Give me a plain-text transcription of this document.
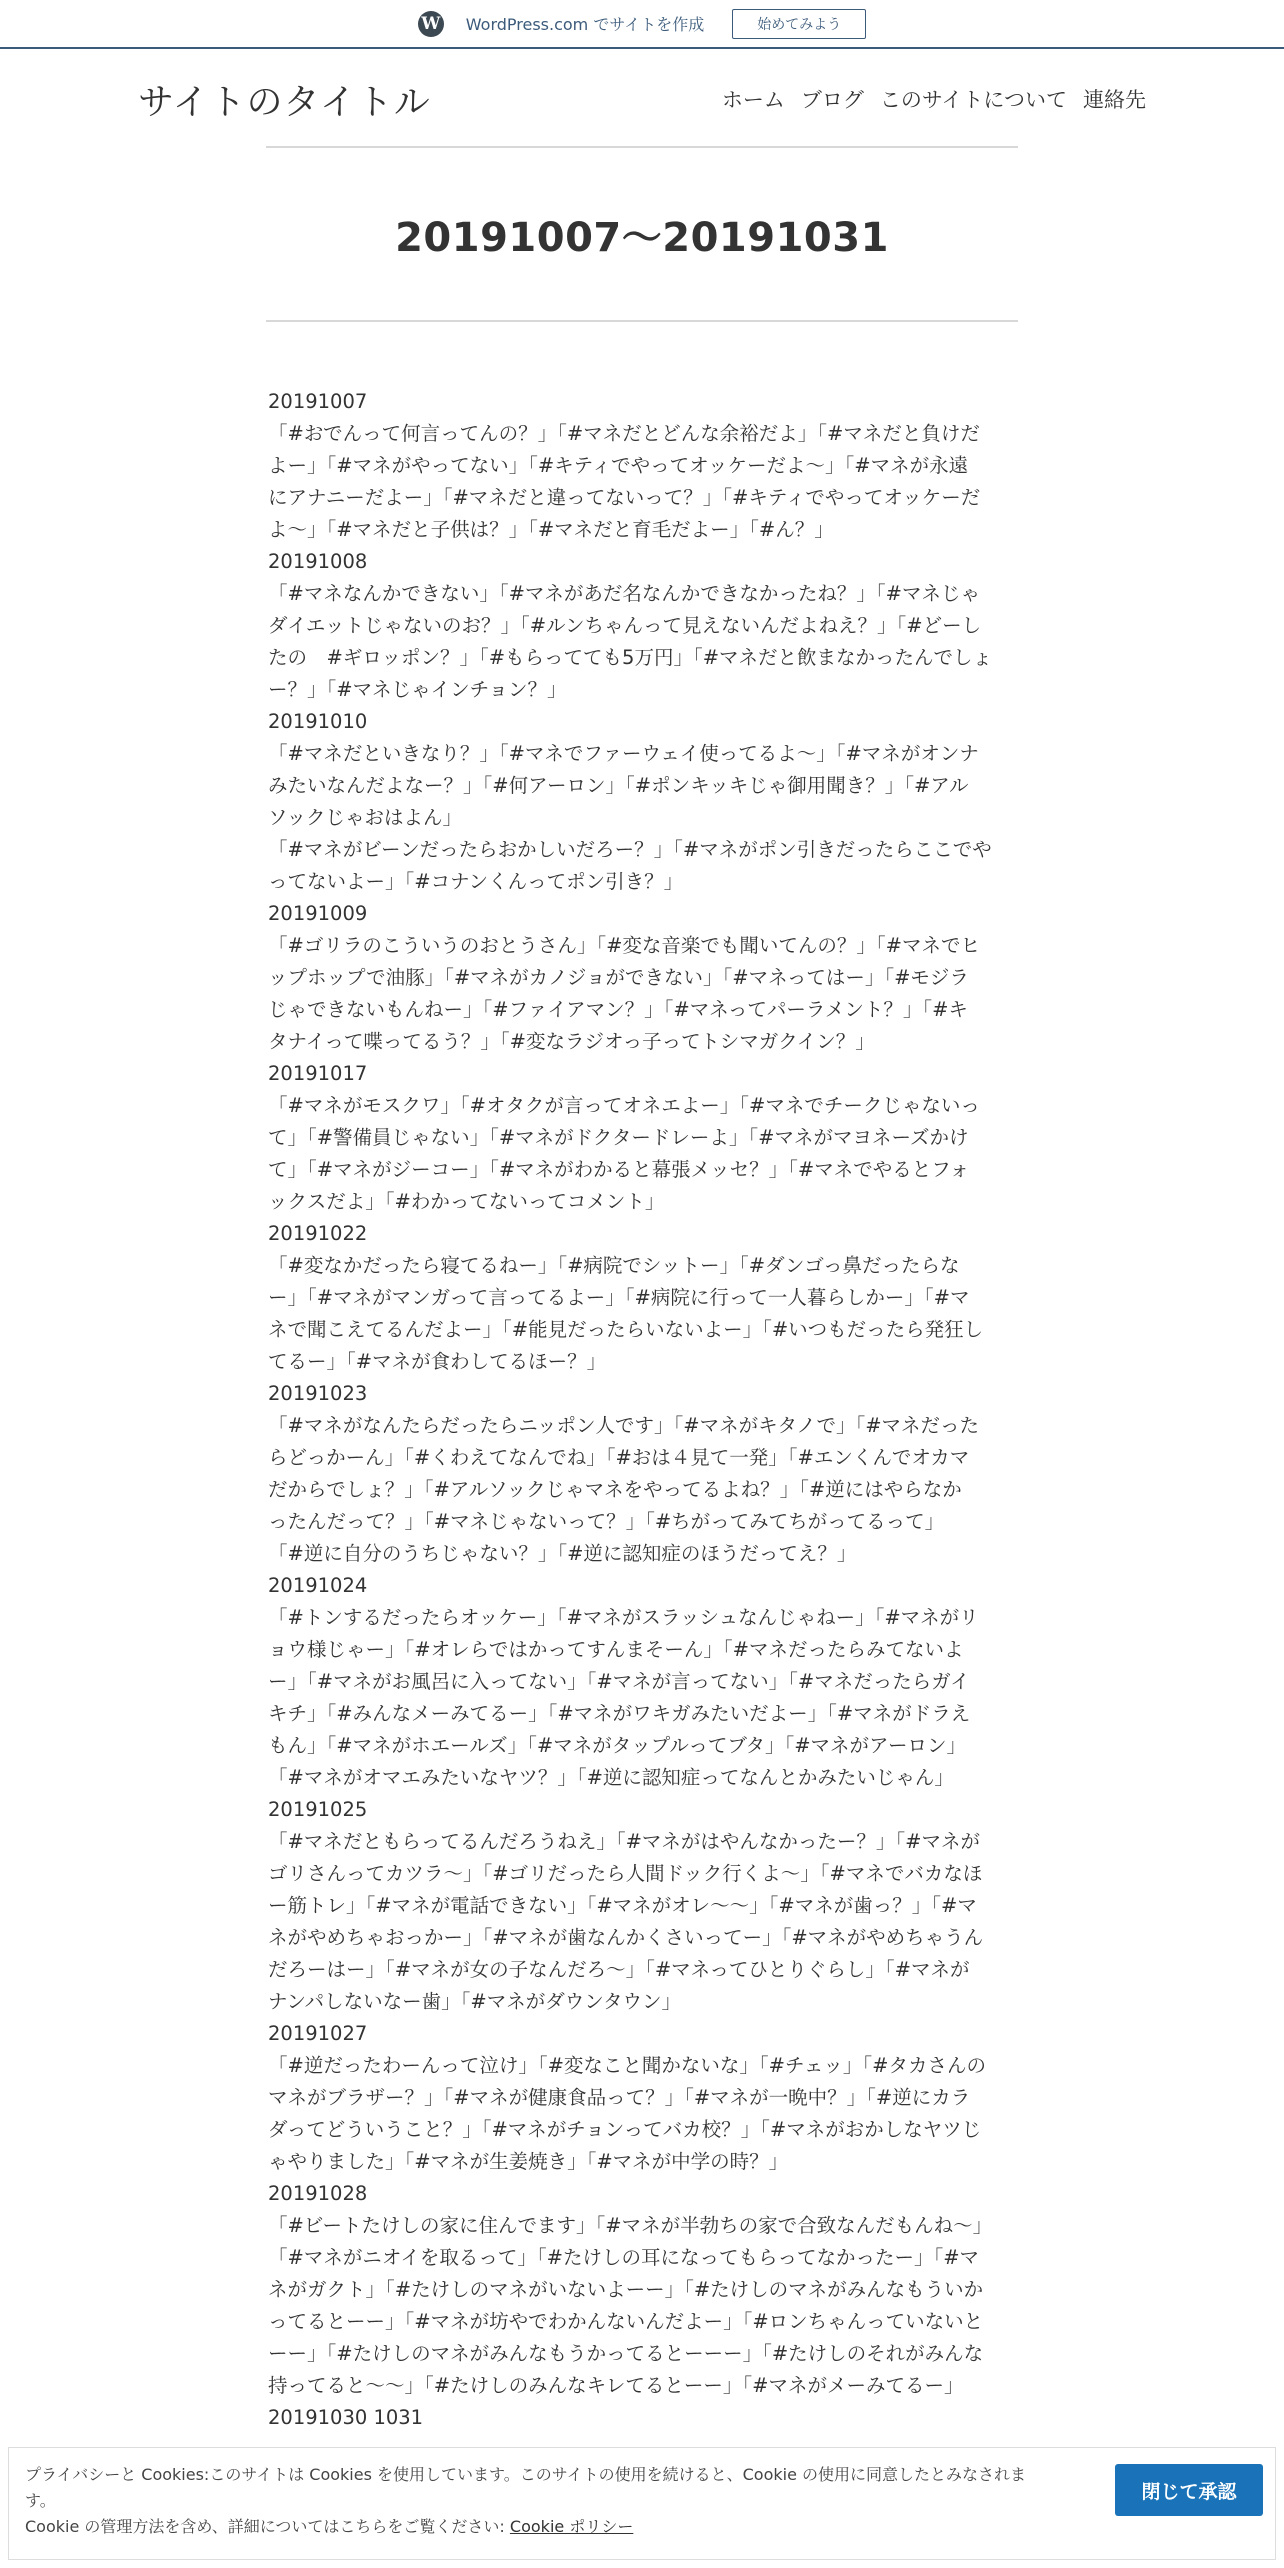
W WordPress.com でサイトを作成	始めてみよう
サイトのタイトル	ホーム ブログ このサイトについて 連絡先
20191007～20191031

20191007

「#おでんって何言ってんの？」「#マネだとどんな余裕だよ」「#マネだと負けだ

よー」「#マネがやってない」「#キティでやってオッケーだよ〜」「#マネが永遠

にアナニーだよー」「#マネだと違ってないって？」「#キティでやってオッケーだ

よ〜」「#マネだと子供は？」「#マネだと育毛だよー」「#ん？」

20191008

「#マネなんかできない」「#マネがあだ名なんかできなかったね？」「#マネじゃ

ダイエットじゃないのお？」「#ルンちゃんって見えないんだよねえ？」「#どーし

たの　#ギロッポン？」「#もらってても5万円」「#マネだと飲まなかったんでしょ

ー？」「#マネじゃインチョン？」

20191010

「#マネだといきなり？」「#マネでファーウェイ使ってるよ〜」「#マネがオンナ

みたいなんだよなー？」「#何アーロン」「#ポンキッキじゃ御用聞き？」「#アル

ソックじゃおはよん」

「#マネがビーンだったらおかしいだろー？」「#マネがポン引きだったらここでや

ってないよー」「#コナンくんってポン引き？」

20191009

「#ゴリラのこういうのおとうさん」「#変な音楽でも聞いてんの？」「#マネでヒ

ップホップで油豚」「#マネがカノジョができない」「#マネってはー」「#モジラ

じゃできないもんねー」「#ファイアマン？」「#マネってパーラメント？」「#キ

タナイって喋ってるう？」「#変なラジオっ子ってトシマガクイン？」

20191017

「#マネがモスクワ」「#オタクが言ってオネエよー」「#マネでチークじゃないっ

て」「#警備員じゃない」「#マネがドクタードレーよ」「#マネがマヨネーズかけ

て」「#マネがジーコー」「#マネがわかると幕張メッセ？」「#マネでやるとフォ

ックスだよ」「#わかってないってコメント」

20191022

「#変なかだったら寝てるねー」「#病院でシットー」「#ダンゴっ鼻だったらな

ー」「#マネがマンガって言ってるよー」「#病院に行って一人暮らしかー」「#マ

ネで聞こえてるんだよー」「#能見だったらいないよー」「#いつもだったら発狂し

てるー」「#マネが食わしてるほー？」

20191023

「#マネがなんたらだったらニッポン人です」「#マネがキタノで」「#マネだった

らどっかーん」「#くわえてなんでね」「#おは４見て一発」「#エンくんでオカマ

だからでしょ？」「#アルソックじゃマネをやってるよね？」「#逆にはやらなか

ったんだって？」「#マネじゃないって？」「#ちがってみてちがってるって」

「#逆に自分のうちじゃない？」「#逆に認知症のほうだってえ？」

20191024

「#トンするだったらオッケー」「#マネがスラッシュなんじゃねー」「#マネがリ

ョウ様じゃー」「#オレらではかってすんまそーん」「#マネだったらみてないよ

ー」「#マネがお風呂に入ってない」「#マネが言ってない」「#マネだったらガイ

キチ」「#みんなメーみてるー」「#マネがワキガみたいだよー」「#マネがドラえ

もん」「#マネがホエールズ」「#マネがタップルってブタ」「#マネがアーロン」

「#マネがオマエみたいなヤツ？」「#逆に認知症ってなんとかみたいじゃん」

20191025

「#マネだともらってるんだろうねえ」「#マネがはやんなかったー？」「#マネが

ゴリさんってカツラ〜」「#ゴリだったら人間ドック行くよ〜」「#マネでバカなほ

ー筋トレ」「#マネが電話できない」「#マネがオレ〜〜」「#マネが歯っ？」「#マ

ネがやめちゃおっかー」「#マネが歯なんかくさいってー」「#マネがやめちゃうん

だろーはー」「#マネが女の子なんだろ〜」「#マネってひとりぐらし」「#マネが

ナンパしないなー歯」「#マネがダウンタウン」

20191027

「#逆だったわーんって泣け」「#変なこと聞かないな」「#チェッ」「#タカさんの

マネがブラザー？」「#マネが健康食品って？」「#マネが一晩中？」「#逆にカラ

ダってどういうこと？」「#マネがチョンってバカ校？」「#マネがおかしなヤツじ

ゃやりました」「#マネが生姜焼き」「#マネが中学の時？」

20191028

「#ビートたけしの家に住んでます」「#マネが半勃ちの家で合致なんだもんね〜」

「#マネがニオイを取るって」「#たけしの耳になってもらってなかったー」「#マ

ネがガクト」「#たけしのマネがいないよーー」「#たけしのマネがみんなもういか

ってるとーー」「#マネが坊やでわかんないんだよー」「#ロンちゃんっていないと

ーー」「#たけしのマネがみんなもうかってるとーーー」「#たけしのそれがみんな

持ってると〜〜」「#たけしのみんなキレてるとーー」「#マネがメーみてるー」

20191030 1031

プライバシーと Cookies:このサイトは Cookies を使用しています。このサイトの使用を続けると、Cookie の使用に同意したとみなされま
す。
Cookie の管理方法を含め、詳細についてはこちらをご覧ください: Cookie ポリシー
閉じて承認
